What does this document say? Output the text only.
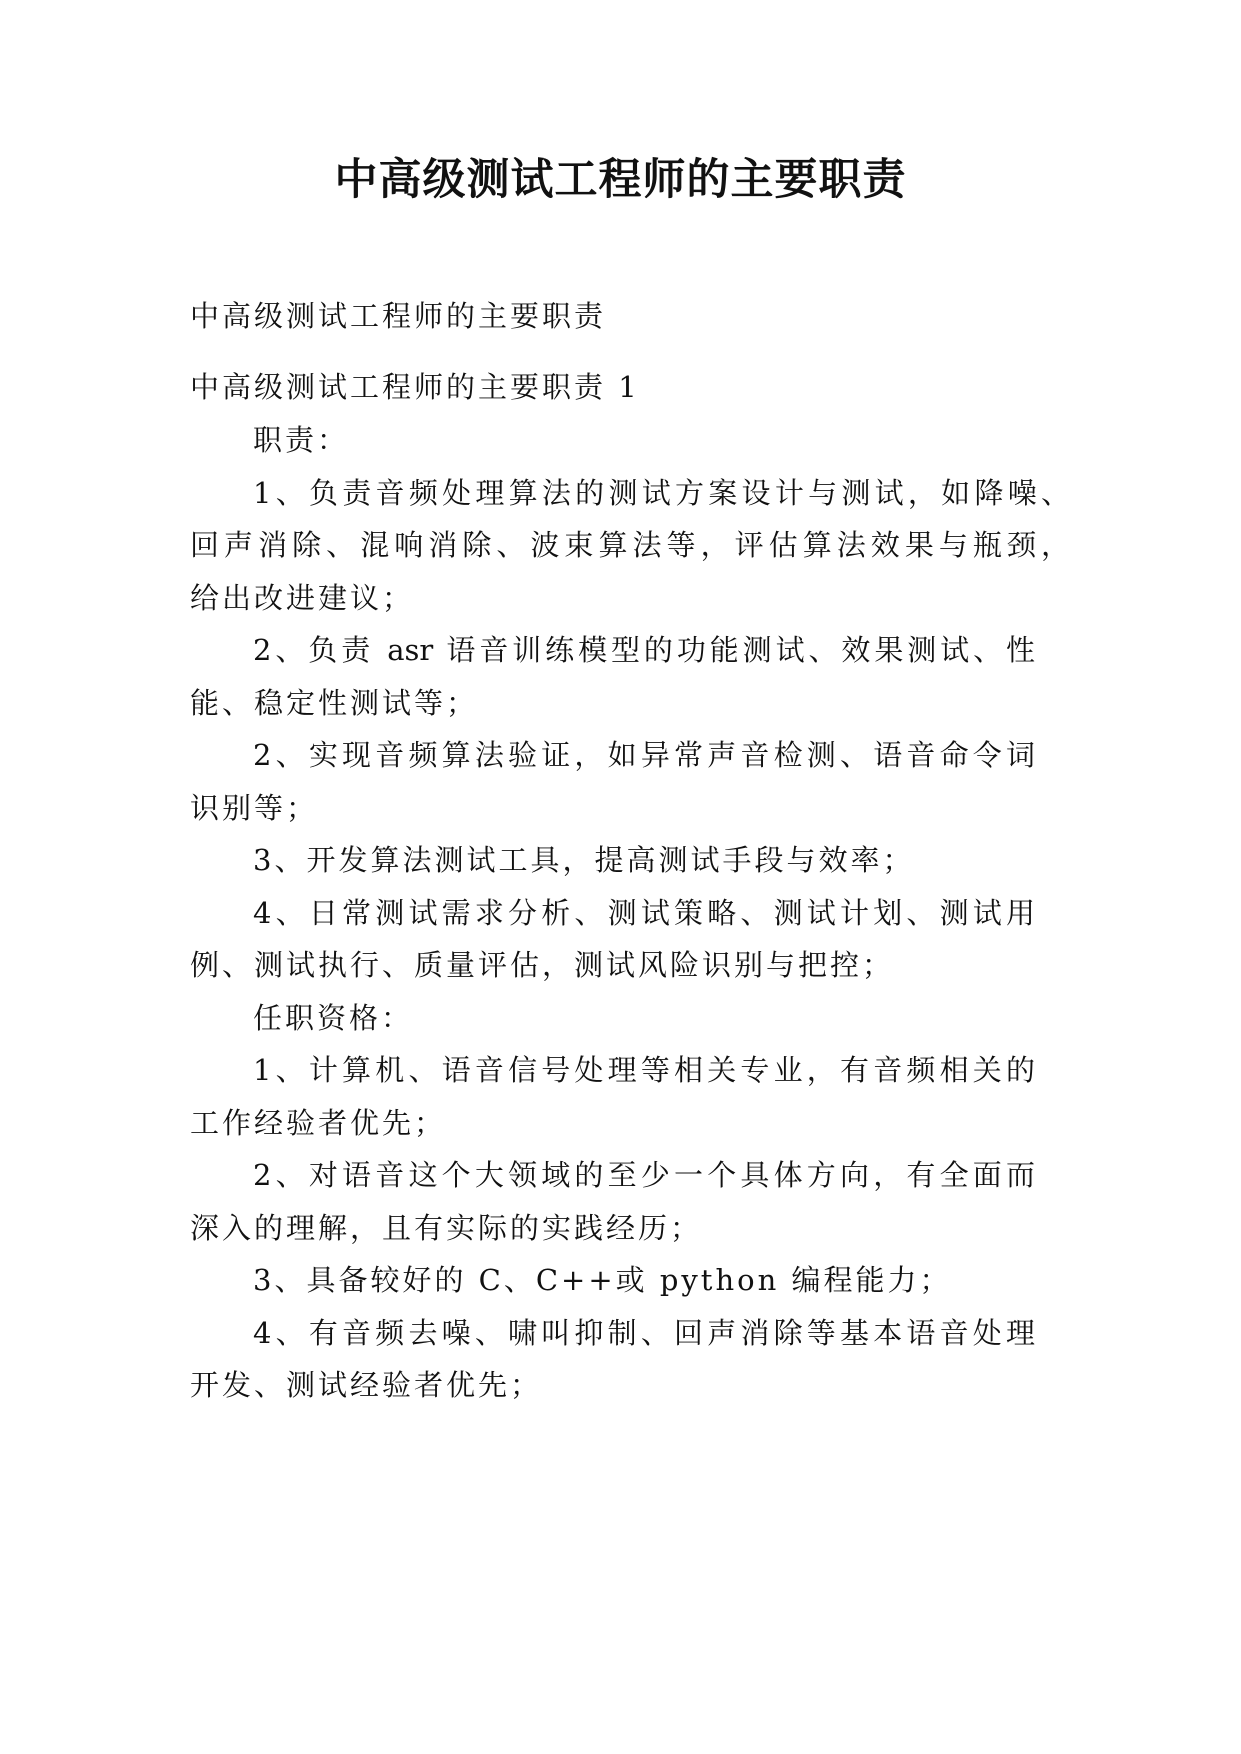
中高级测试工程师的主要职责
中高级测试工程师的主要职责
中高级测试工程师的主要职责 1
职责：
1、负责音频处理算法的测试方案设计与测试，如降噪、
回声消除、混响消除、波束算法等，评估算法效果与瓶颈，
给出改进建议；
2、负责 asr 语音训练模型的功能测试、效果测试、性
能、稳定性测试等；
2、实现音频算法验证，如异常声音检测、语音命令词
识别等；
3、开发算法测试工具，提高测试手段与效率；
4、日常测试需求分析、测试策略、测试计划、测试用
例、测试执行、质量评估，测试风险识别与把控；
任职资格：
1、计算机、语音信号处理等相关专业，有音频相关的
工作经验者优先；
2、对语音这个大领域的至少一个具体方向，有全面而
深入的理解，且有实际的实践经历；
3、具备较好的 C、C++或 python 编程能力；
4、有音频去噪、啸叫抑制、回声消除等基本语音处理
开发、测试经验者优先；
